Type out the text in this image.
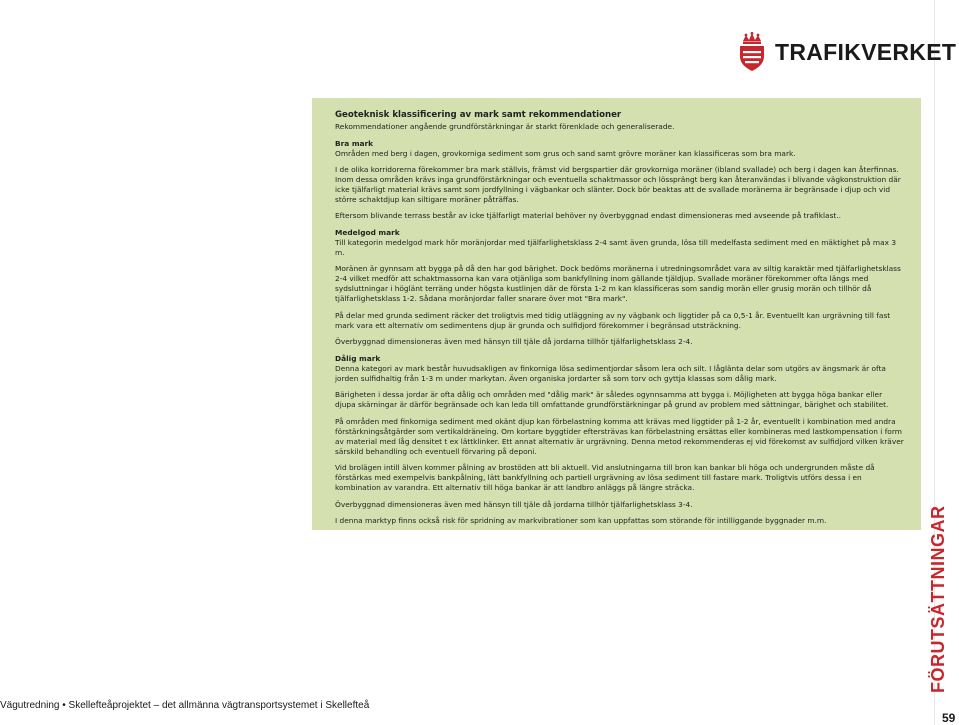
TRAFIKVERKET

Geoteknisk klassificering av mark samt rekommendationer

Rekommendationer angående grundförstärkningar är starkt förenklade och generaliserade.

Bra mark

Områden med berg i dagen, grovkorniga sediment som grus och sand samt grövre moräner kan klassificeras som bra mark.

I de olika korridorerna förekommer bra mark ställvis, främst vid bergspartier där grovkorniga moräner (ibland svallade) och berg i dagen kan återfinnas. Inom dessa områden krävs inga grundförstärkningar och eventuella schaktmassor och lössprängt berg kan återanvändas i blivande vägkonstruktion där icke tjälfarligt material krävs samt som jordfyllning i vägbankar och slänter. Dock bör beaktas att de svallade moränerna är begränsade i djup och vid större schaktdjup kan siltigare moräner påträffas.

Eftersom blivande terrass består av icke tjälfarligt material behöver ny överbyggnad endast dimensioneras med avseende på trafiklast..

Medelgod mark

Till kategorin medelgod mark hör moränjordar med tjälfarlighetsklass 2-4 samt även grunda, lösa till medelfasta sediment med en mäktighet på max 3 m.

Moränen är gynnsam att bygga på då den har god bärighet. Dock bedöms moränerna i utredningsområdet vara av siltig karaktär med tjälfarlighetsklass 2-4 vilket medför att schaktmassorna kan vara otjänliga som bankfyllning inom gällande tjäldjup. Svallade moräner förekommer ofta längs med sydsluttningar i höglänt terräng under högsta kustlinjen där de första 1-2 m kan klassificeras som sandig morän eller grusig morän och tillhör då tjälfarlighetsklass 1-2. Sådana moränjordar faller snarare över mot "Bra mark".

På delar med grunda sediment räcker det troligtvis med tidig utläggning av ny vägbank och liggtider på ca 0,5-1 år. Eventuellt kan urgrävning till fast mark vara ett alternativ om sedimentens djup är grunda och sulfidjord förekommer i begränsad utsträckning.

Överbyggnad dimensioneras även med hänsyn till tjäle då jordarna tillhör tjälfarlighetsklass 2-4.

Dålig mark

Denna kategori av mark består huvudsakligen av finkorniga lösa sedimentjordar såsom lera och silt. I låglänta delar som utgörs av ängsmark är ofta jorden sulfidhaltig från 1-3 m under markytan. Även organiska jordarter så som torv och gyttja klassas som dålig mark.

Bärigheten i dessa jordar är ofta dålig och områden med "dålig mark" är således ogynnsamma att bygga i. Möjligheten att bygga höga bankar eller djupa skärningar är därför begränsade och kan leda till omfattande grundförstärkningar på grund av problem med sättningar, bärighet och stabilitet.

På områden med finkorniga sediment med okänt djup kan förbelastning komma att krävas med liggtider på 1-2 år, eventuellt i kombination med andra förstärkningsåtgärder som vertikaldräneing. Om kortare byggtider eftersträvas kan förbelastning ersättas eller kombineras med lastkompensation i form av material med låg densitet t ex lättklinker. Ett annat alternativ är urgrävning. Denna metod rekommenderas ej vid förekomst av sulfidjord vilken kräver särskild behandling och eventuell förvaring på deponi.

Vid brolägen intill älven kommer pålning av brostöden att bli aktuell. Vid anslutningarna till bron kan bankar bli höga och undergrunden måste då förstärkas med exempelvis bankpålning, lätt bankfyllning och partiell urgrävning av lösa sediment till fastare mark. Troligtvis utförs dessa i en kombination av varandra. Ett alternativ till höga bankar är att landbro anläggs på längre sträcka.

Överbyggnad dimensioneras även med hänsyn till tjäle då jordarna tillhör tjälfarlighetsklass 3-4.

I denna marktyp finns också risk för spridning av markvibrationer som kan uppfattas som störande för intilliggande byggnader m.m.	FÖRUTSÄTTNINGAR
Vägutredning • Skellefteåprojektet – det allmänna vägtransportsystemet i Skellefteå
59
